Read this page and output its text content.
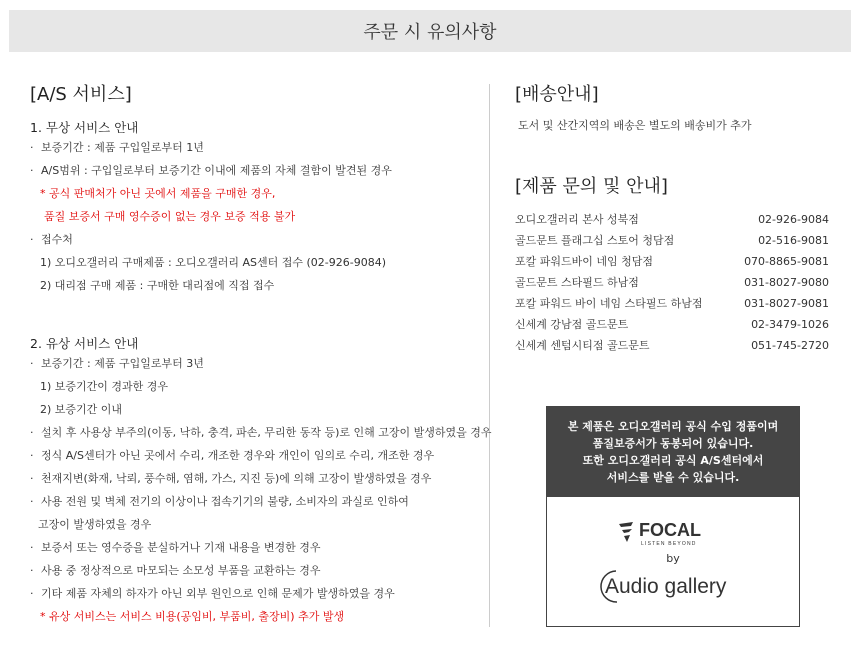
주문 시 유의사항
[A/S 서비스]
1. 무상 서비스 안내
· 보증기간 : 제품 구입일로부터 1년
· A/S범위 : 구입일로부터 보증기간 이내에 제품의 자체 결함이 발견된 경우
* 공식 판매처가 아닌 곳에서 제품을 구매한 경우,
품질 보증서 구매 영수증이 없는 경우 보증 적용 불가
· 접수처
1) 오디오갤러리 구매제품 : 오디오갤러리 AS센터 접수 (02-926-9084)
2) 대리점 구매 제품 : 구매한 대리점에 직접 접수
2. 유상 서비스 안내
· 보증기간 : 제품 구입일로부터 3년
1) 보증기간이 경과한 경우
2) 보증기간 이내
· 설치 후 사용상 부주의(이동, 낙하, 충격, 파손, 무리한 동작 등)로 인해 고장이 발생하였을 경우
· 정식 A/S센터가 아닌 곳에서 수리, 개조한 경우와 개인이 임의로 수리, 개조한 경우
· 천재지변(화재, 낙뢰, 풍수해, 염해, 가스, 지진 등)에 의해 고장이 발생하였을 경우
· 사용 전원 및 벽체 전기의 이상이나 접속기기의 불량, 소비자의 과실로 인하여
고장이 발생하였을 경우
· 보증서 또는 영수증을 분실하거나 기재 내용을 변경한 경우
· 사용 중 정상적으로 마모되는 소모성 부품을 교환하는 경우
· 기타 제품 자체의 하자가 아닌 외부 원인으로 인해 문제가 발생하였을 경우
* 유상 서비스는 서비스 비용(공임비, 부품비, 출장비) 추가 발생
[배송안내]
도서 및 산간지역의 배송은 별도의 배송비가 추가
[제품 문의 및 안내]
오디오갤러리 본사 성북점	02-926-9084
골드문트 플래그십 스토어 청담점	02-516-9081
포칼 파워드바이 네임 청담점	070-8865-9081
골드문트 스타필드 하남점	031-8027-9080
포칼 파워드 바이 네임 스타필드 하남점	031-8027-9081
신세계 강남점 골드문트	02-3479-1026
신세계 센텀시티점 골드문트	051-745-2720
본 제품은 오디오갤러리 공식 수입 정품이며
품질보증서가 동봉되어 있습니다.
또한 오디오갤러리 공식 A/S센터에서
서비스를 받을 수 있습니다.
FOCAL
LISTEN BEYOND
by
Audio gallery
